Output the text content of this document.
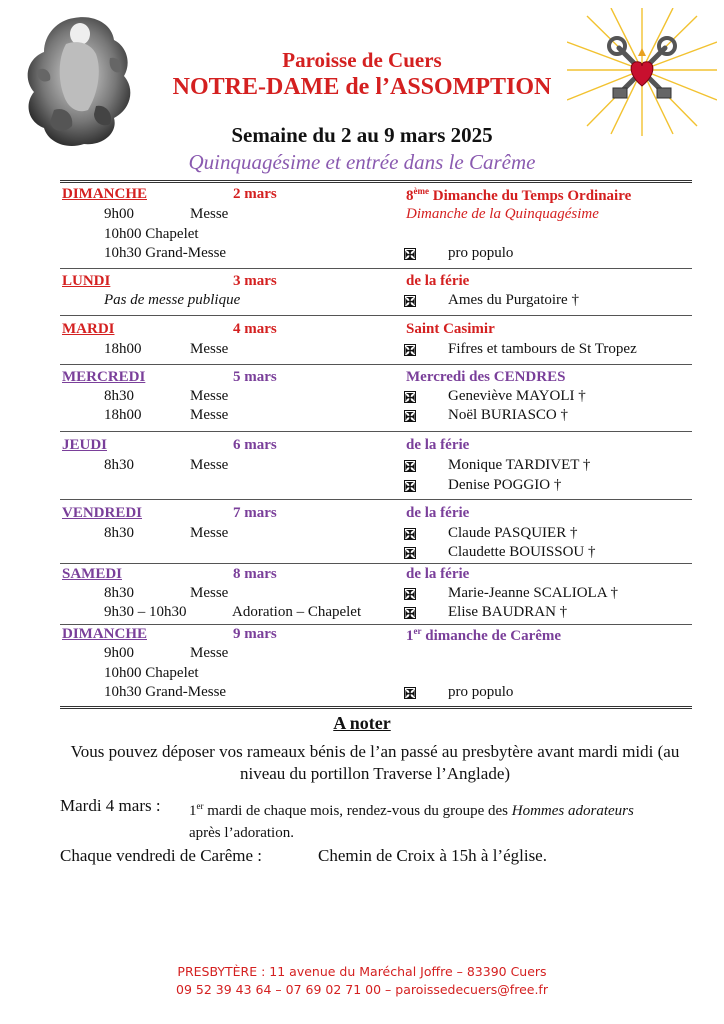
Paroisse de Cuers
NOTRE-DAME de l’ASSOMPTION
Semaine du 2 au 9 mars 2025
Quinquagésime et entrée dans le Carême
DIMANCHE	2 mars	8ème Dimanche du Temps Ordinaire
Dimanche de la Quinquagésime
9h00	Messe
10h00 Chapelet
10h30 Grand-Messe	✠ pro populo
LUNDI	3 mars	de la férie
Pas de messe publique	✠ Ames du Purgatoire †
MARDI	4 mars	Saint Casimir
18h00	Messe	✠ Fifres et tambours de St Tropez
MERCREDI	5 mars	Mercredi des CENDRES
8h30	Messe	✠ Geneviève MAYOLI †
18h00	Messe	✠ Noël BURIASCO †
JEUDI	6 mars	de la férie
8h30	Messe	✠ Monique TARDIVET †
✠ Denise POGGIO †
VENDREDI	7 mars	de la férie
8h30	Messe	✠ Claude PASQUIER †
✠ Claudette BOUISSOU †
SAMEDI	8 mars	de la férie
8h30	Messe	✠ Marie-Jeanne SCALIOLA †
9h30 – 10h30	Adoration – Chapelet	✠ Elise BAUDRAN †
DIMANCHE	9 mars	1er dimanche de Carême
9h00	Messe
10h00 Chapelet
10h30 Grand-Messe	✠ pro populo
A noter
Vous pouvez déposer vos rameaux bénis de l’an passé au presbytère avant mardi midi (au niveau du portillon Traverse l’Anglade)
Mardi 4 mars : 1er mardi de chaque mois, rendez-vous du groupe des Hommes adorateurs après l’adoration.
Chaque vendredi de Carême :	Chemin de Croix à 15h à l’église.
PRESBYTÈRE : 11 avenue du Maréchal Joffre – 83390 Cuers
09 52 39 43 64 – 07 69 02 71 00 – paroissedecuers@free.fr
